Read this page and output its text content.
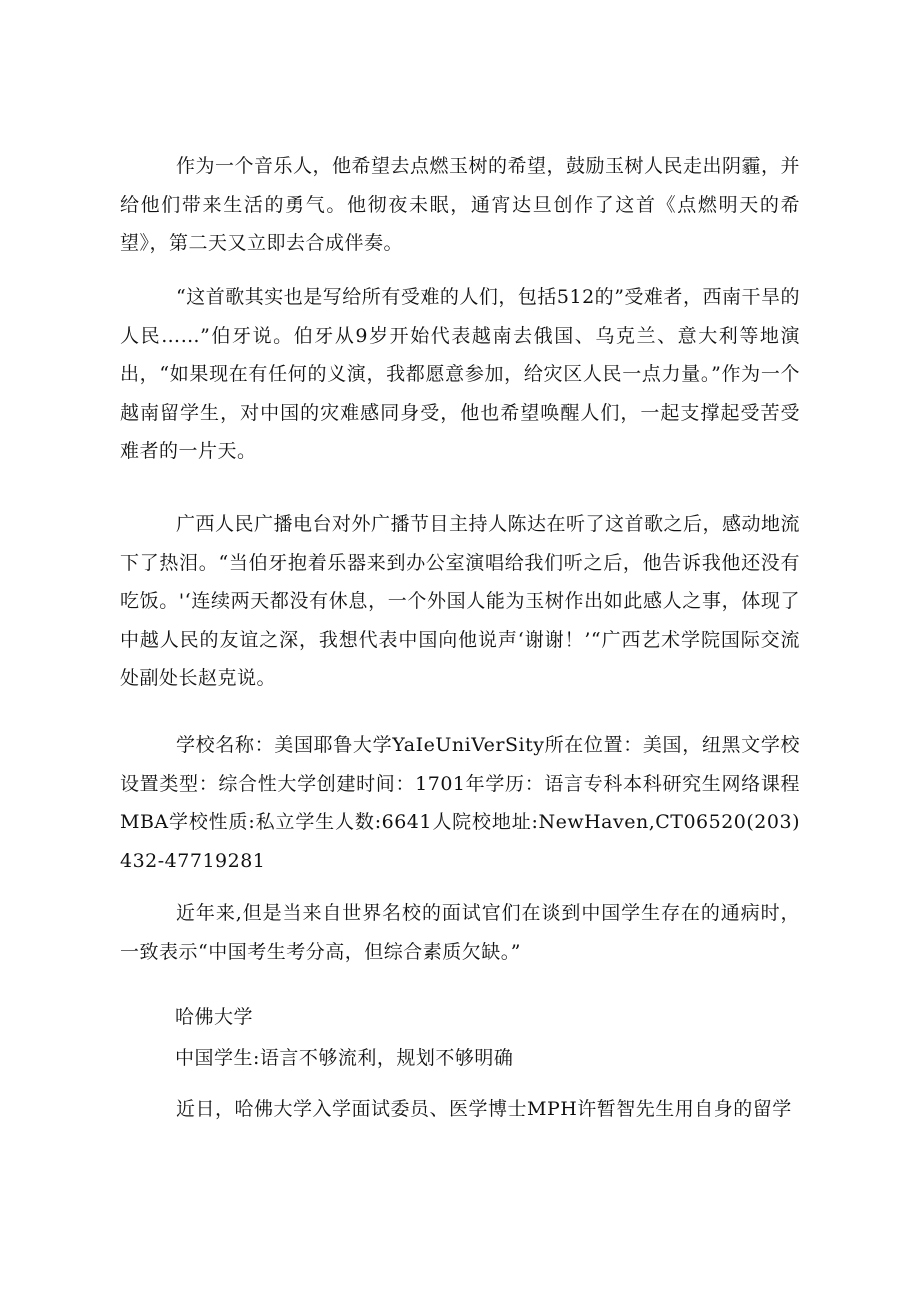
作为一个音乐人，他希望去点燃玉树的希望，鼓励玉树人民走出阴霾，并给他们带来生活的勇气。他彻夜未眠，通宵达旦创作了这首《点燃明天的希望》，第二天又立即去合成伴奏。

“这首歌其实也是写给所有受难的人们，包括512的”受难者，西南干旱的人民……”伯牙说。伯牙从9岁开始代表越南去俄国、乌克兰、意大利等地演出，“如果现在有任何的义演，我都愿意参加，给灾区人民一点力量。”作为一个越南留学生，对中国的灾难感同身受，他也希望唤醒人们，一起支撑起受苦受难者的一片天。

广西人民广播电台对外广播节目主持人陈达在听了这首歌之后，感动地流下了热泪。“当伯牙抱着乐器来到办公室演唱给我们听之后，他告诉我他还没有吃饭。'‘连续两天都没有休息，一个外国人能为玉树作出如此感人之事，体现了中越人民的友谊之深，我想代表中国向他说声‘谢谢！’“广西艺术学院国际交流处副处长赵克说。

学校名称：美国耶鲁大学YaIeUniVerSity所在位置：美国，纽黑文学校设置类型：综合性大学创建时间：1701年学历：语言专科本科研究生网络课程MBA学校性质:私立学生人数:6641人院校地址:NewHaven,CT06520(203)432-47719281

近年来,但是当来自世界名校的面试官们在谈到中国学生存在的通病时，一致表示“中国考生考分高，但综合素质欠缺。”

哈佛大学

中国学生:语言不够流利，规划不够明确

近日，哈佛大学入学面试委员、医学博士MPH许暂智先生用自身的留学
